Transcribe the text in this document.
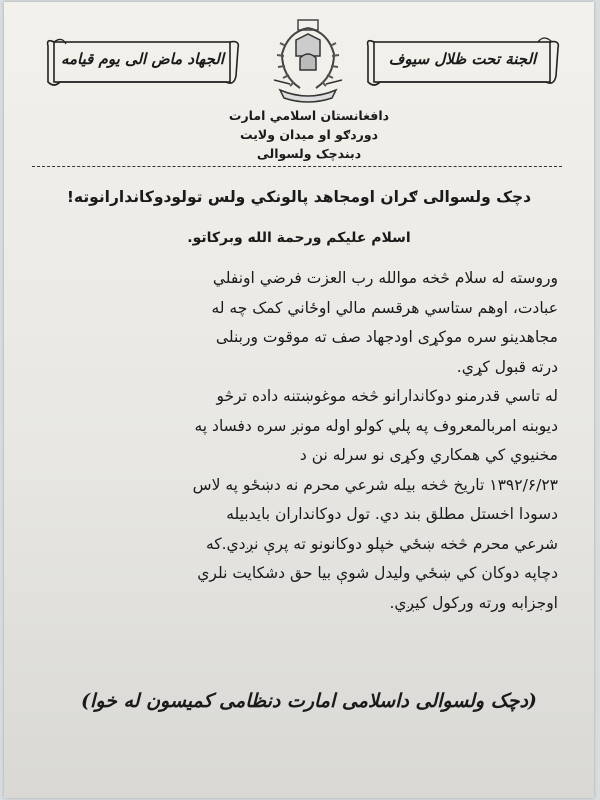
الجهاد ماض الی یوم قیامه	الجنة تحت ظلال سیوف
دافغانستان اسلامي امارت
دوردګو او میدان ولایت
دبندچک ولسوالی
دچک ولسوالی ګران اومجاهد پالونکي ولس تولودوکاندارانوته!
اسلام علیکم ورحمة الله وبرکاتو.
وروسته له سلام څخه موالله رب العزت فرضي اونفلي
عبادت، اوهم ستاسي هرقسم مالي اوځاني کمک چه له
مجاهدینو سره موکړی اودجهاد صف ته موقوت وربنلی
درته قبول کړي.
له تاسي قدرمنو دوکاندارانو څخه موغوښتنه داده ترڅو
دیوبنه امربالمعروف په پلي کولو اوله مونږ سره دفساد په
مخنیوي کي همکاري وکړی نو سرله نن د
۱۳۹۲/۶/۲۳ تاریخ څخه بیله شرعي محرم نه دښځو په لاس
دسودا اخستل مطلق بند دي. تول دوکانداران بایدبیله
شرعي محرم څخه ښځي خپلو دوکانونو ته پرې نږدي.که
دچاپه دوکان کي ښځي ولیدل شوې بیا حق دشکایت نلري
اوجزابه ورته ورکول کیږي.
(دچک ولسوالی داسلامی امارت دنظامی کمیسون له خوا)
